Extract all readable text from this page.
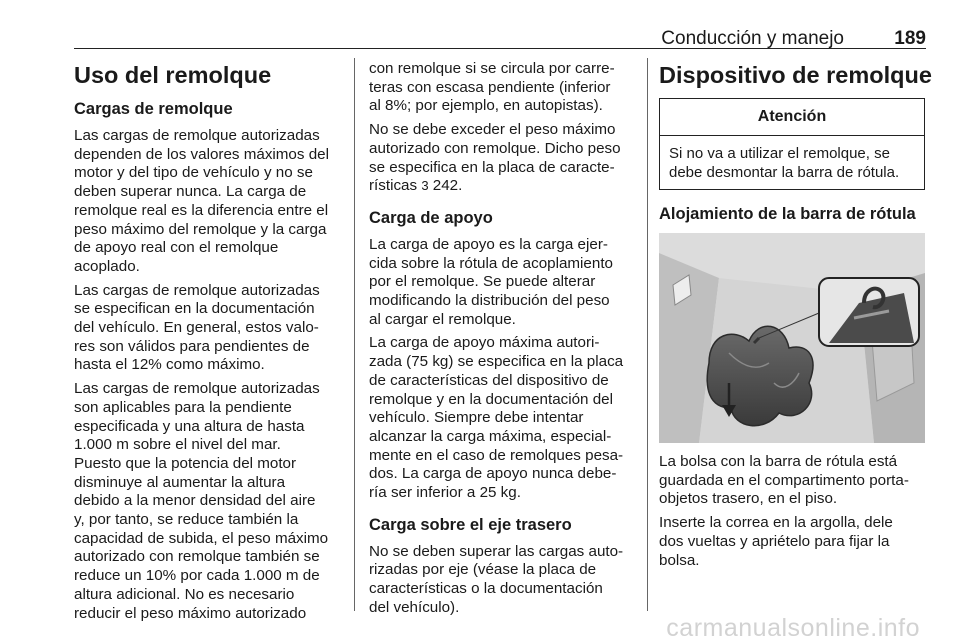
Conducción y manejo	189
Uso del remolque
Cargas de remolque

Las cargas de remolque autorizadas
dependen de los valores máximos del
motor y del tipo de vehículo y no se
deben superar nunca. La carga de
remolque real es la diferencia entre el
peso máximo del remolque y la carga
de apoyo real con el remolque
acoplado.

Las cargas de remolque autorizadas
se especifican en la documentación
del vehículo. En general, estos valo-
res son válidos para pendientes de
hasta el 12% como máximo.

Las cargas de remolque autorizadas
son aplicables para la pendiente
especificada y una altura de hasta
1.000 m sobre el nivel del mar.
Puesto que la potencia del motor
disminuye al aumentar la altura
debido a la menor densidad del aire
y, por tanto, se reduce también la
capacidad de subida, el peso máximo
autorizado con remolque también se
reduce un 10% por cada 1.000 m de
altura adicional. No es necesario
reducir el peso máximo autorizado

con remolque si se circula por carre-
teras con escasa pendiente (inferior
al 8%; por ejemplo, en autopistas).

No se debe exceder el peso máximo
autorizado con remolque. Dicho peso
se especifica en la placa de caracte-
rísticas 3 242.

Carga de apoyo

La carga de apoyo es la carga ejer-
cida sobre la rótula de acoplamiento
por el remolque. Se puede alterar
modificando la distribución del peso
al cargar el remolque.

La carga de apoyo máxima autori-
zada (75 kg) se especifica en la placa
de características del dispositivo de
remolque y en la documentación del
vehículo. Siempre debe intentar
alcanzar la carga máxima, especial-
mente en el caso de remolques pesa-
dos. La carga de apoyo nunca debe-
ría ser inferior a 25 kg.

Carga sobre el eje trasero

No se deben superar las cargas auto-
rizadas por eje (véase la placa de
características o la documentación
del vehículo).

Dispositivo de remolque
Atención
Si no va a utilizar el remolque, se
debe desmontar la barra de rótula.
Alojamiento de la barra de rótula

La bolsa con la barra de rótula está
guardada en el compartimento porta-
objetos trasero, en el piso.

Inserte la correa en la argolla, dele
dos vueltas y apriételo para fijar la
bolsa.

carmanualsonline.info
